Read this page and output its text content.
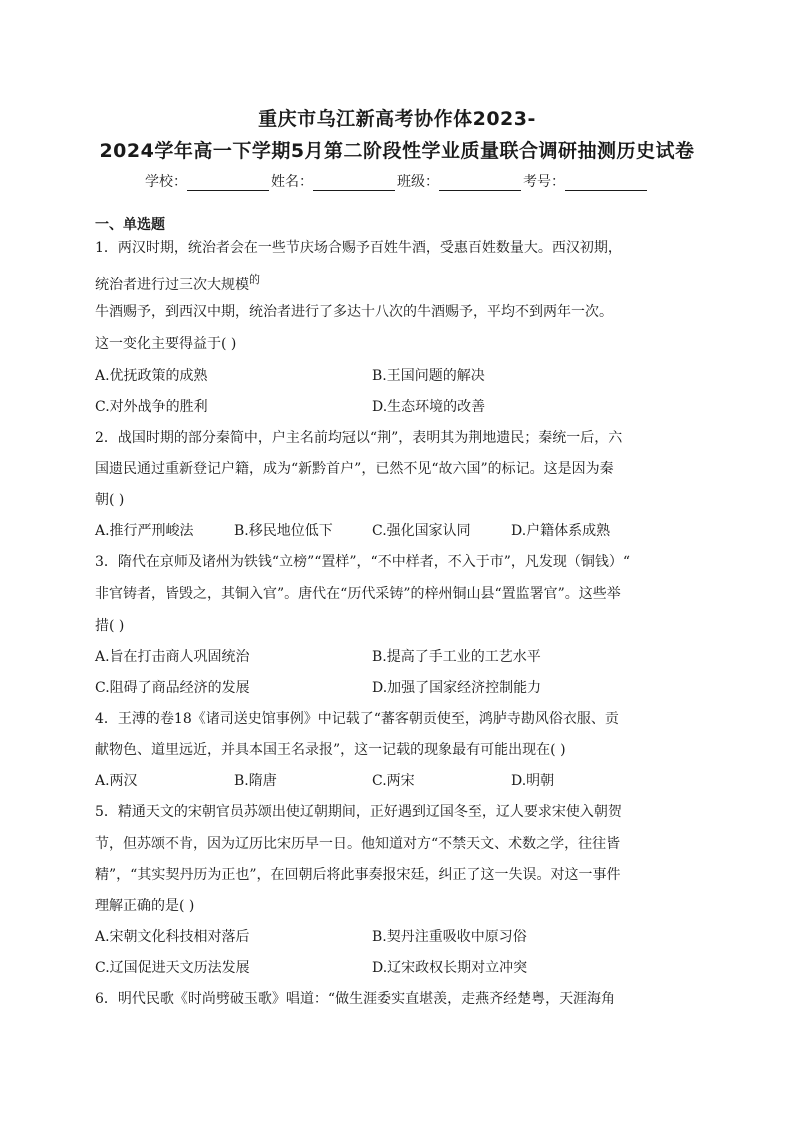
重庆市乌江新高考协作体2023-
2024学年高一下学期5月第二阶段性学业质量联合调研抽测历史试卷
学校：	姓名：	班级：	考号：
一、单选题
1．两汉时期，统治者会在一些节庆场合赐予百姓牛酒，受惠百姓数量大。西汉初期，
统治者进行过三次大规模$^的$
牛酒赐予，到西汉中期，统治者进行了多达十八次的牛酒赐予，平均不到两年一次。
这一变化主要得益于( )
A.优抚政策的成熟	B.王国问题的解决
C.对外战争的胜利	D.生态环境的改善
2．战国时期的部分秦简中，户主名前均冠以“荆”，表明其为荆地遗民；秦统一后，六
国遗民通过重新登记户籍，成为“新黔首户”，已然不见“故六国”的标记。这是因为秦
朝( )
A.推行严刑峻法	B.移民地位低下	C.强化国家认同	D.户籍体系成熟
3．隋代在京师及诸州为铁钱“立榜”“置样”，“不中样者，不入于市”，凡发现（铜钱）“
非官铸者，皆毁之，其铜入官”。唐代在“历代采铸”的梓州铜山县“置监署官”。这些举
措( )
A.旨在打击商人巩固统治	B.提高了手工业的工艺水平
C.阻碍了商品经济的发展	D.加强了国家经济控制能力
4．王溥的卷18《诸司送史馆事例》中记载了“蕃客朝贡使至，鸿胪寺勘风俗衣服、贡
献物色、道里远近，并具本国王名录报”，这一记载的现象最有可能出现在( )
A.两汉	B.隋唐	C.两宋	D.明朝
5．精通天文的宋朝官员苏颂出使辽朝期间，正好遇到辽国冬至，辽人要求宋使入朝贺
节，但苏颂不肯，因为辽历比宋历早一日。他知道对方“不禁天文、术数之学，往往皆
精”，“其实契丹历为正也”，在回朝后将此事奏报宋廷，纠正了这一失误。对这一事件
理解正确的是( )
A.宋朝文化科技相对落后	B.契丹注重吸收中原习俗
C.辽国促进天文历法发展	D.辽宋政权长期对立冲突
6．明代民歌《时尚劈破玉歌》唱道：“做生涯委实直堪羡，走燕齐经楚粤，天涯海角
